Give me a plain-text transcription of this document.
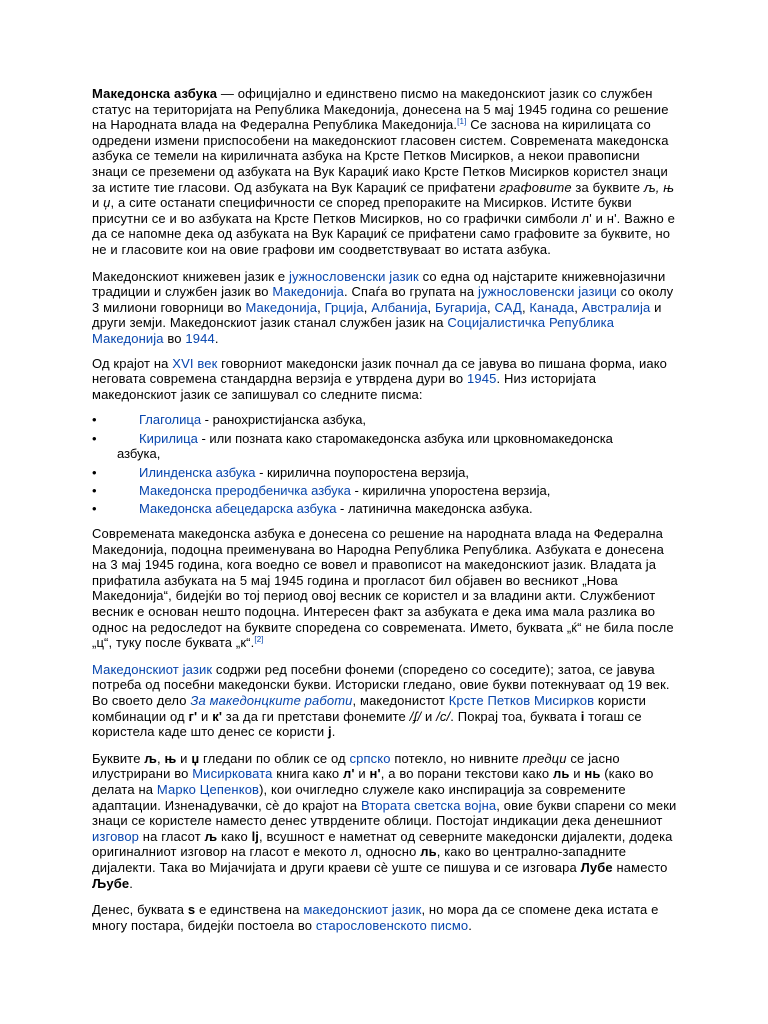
Македонска азбука — официјално и единствено писмо на македонскиот јазик со службен статус на територијата на Република Македонија, донесена на 5 мај 1945 година со решение на Народната влада на Федерална Република Македонија.[1] Се заснова на кирилицата со одредени измени приспособени на македонскиот гласовен систем. Современата македонска азбука се темели на кириличната азбука на Крсте Петков Мисирков, а некои правописни знаци се преземени од азбуката на Вук Караџиќ иако Крсте Петков Мисирков користел знаци за истите тие гласови. Од азбуката на Вук Караџиќ се прифатени графовите за буквите љ, њ и џ, а сите останати специфичности се според препораките на Мисирков. Истите букви присутни се и во азбуката на Крсте Петков Мисирков, но со графички симболи л' и н'. Важно е да се напомне дека од азбуката на Вук Караџиќ се прифатени само графовите за буквите, но не и гласовите кои на овие графови им соодветствуваат во истата азбука.

Македонскиот книжевен јазик е јужнословенски јазик со една од најстарите книжевнојазични традиции и службен јазик во Македонија. Спаѓа во групата на јужнословенски јазици со околу 3 милиони говорници во Македонија, Грција, Албанија, Бугарија, САД, Канада, Австралија и други земји. Македонскиот јазик станал службен јазик на Социјалистичка Република Македонија во 1944.

Од крајот на XVI век говорниот македонски јазик почнал да се јавува во пишана форма, иако неговата современа стандардна верзија е утврдена дури во 1945. Низ историјата македонскиот јазик се запишувал со следните писма:

•	Глаголица - ранохристијанска азбука,
•	Кирилица - или позната како старомакедонска азбука или црковномакедонска
азбука,
•	Илинденска азбука - кирилична поупоростена верзија,
•	Македонска преродбеничка азбука - кирилична упоростена верзија,
•	Македонска абецедарска азбука - латинична македонска азбука.

Современата македонска азбука е донесена со решение на народната влада на Федерална Македонија, подоцна преименувана во Народна Република Република. Азбуката е донесена на 3 мај 1945 година, кога воедно се вовел и правописот на македонскиот јазик. Владата ја прифатила азбуката на 5 мај 1945 година и прогласот бил објавен во весникот „Нова Македонија“, бидејќи во тој период овој весник се користел и за владини акти. Службениот весник е основан нешто подоцна. Интересен факт за азбуката е дека има мала разлика во однос на редоследот на буквите споредена со современата. Името, буквата „ќ“ не била после „ц“, туку после буквата „к“.[2]

Македонскиот јазик содржи ред посебни фонеми (споредено со соседите); затоа, се јавува потреба од посебни македонски букви. Историски гледано, овие букви потекнуваат од 19 век. Во своето дело За македонцките работи, македонистот Крсте Петков Мисирков користи комбинации од г' и к' за да ги претстави фонемите /ʄ/ и /c/. Покрај тоа, буквата i тогаш се користела каде што денес се користи j.

Буквите љ, њ и џ гледани по облик се од српско потекло, но нивните предци се јасно илустрирани во Мисирковата книга како л' и н', а во порани текстови како ль и нь (како во делата на Марко Цепенков), кои очигледно служеле како инспирација за современите адаптации. Изненадувачки, сѐ до крајот на Втората светска војна, овие букви спарени со меки знаци се користеле наместо денес утврдените облици. Постојат индикации дека денешниот изговор на гласот љ како lj, всушност е наметнат од северните македонски дијалекти, додека оригиналниот изговор на гласот е мекото л, односно ль, како во централно-западните дијалекти. Така во Мијачијата и други краеви сѐ уште се пишува и се изговара Лубе наместо Љубе.

Денес, буквата ѕ е единствена на македонскиот јазик, но мора да се спомене дека истата е многу постара, бидејќи постоела во старословенското писмо.
